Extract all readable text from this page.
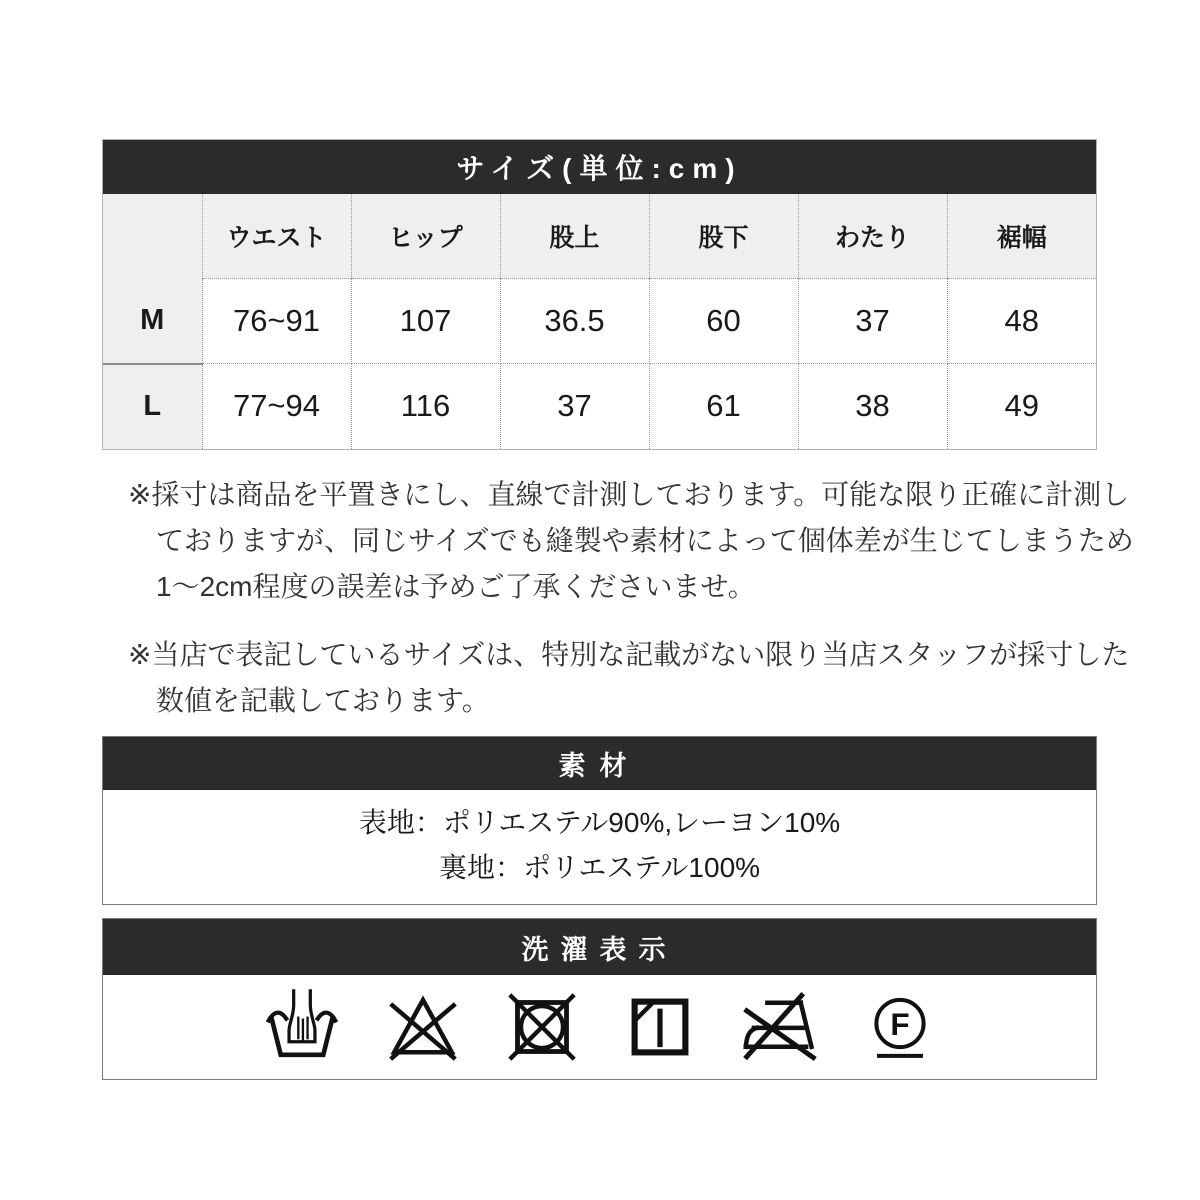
サイズ(単位:cm)
	ウエスト	ヒップ	股上	股下	わたり	裾幅
M	76~91	107	36.5	60	37	48
L	77~94	116	37	61	38	49
※採寸は商品を平置きにし、直線で計測しております。可能な限り正確に計測し
ておりますが、同じサイズでも縫製や素材によって個体差が生じてしまうため
1～2cm程度の誤差は予めご了承くださいませ。
※当店で表記しているサイズは、特別な記載がない限り当店スタッフが採寸した
数値を記載しております。
素材
表地：ポリエステル90%,レーヨン10%
裏地：ポリエステル100%
洗濯表示
F
